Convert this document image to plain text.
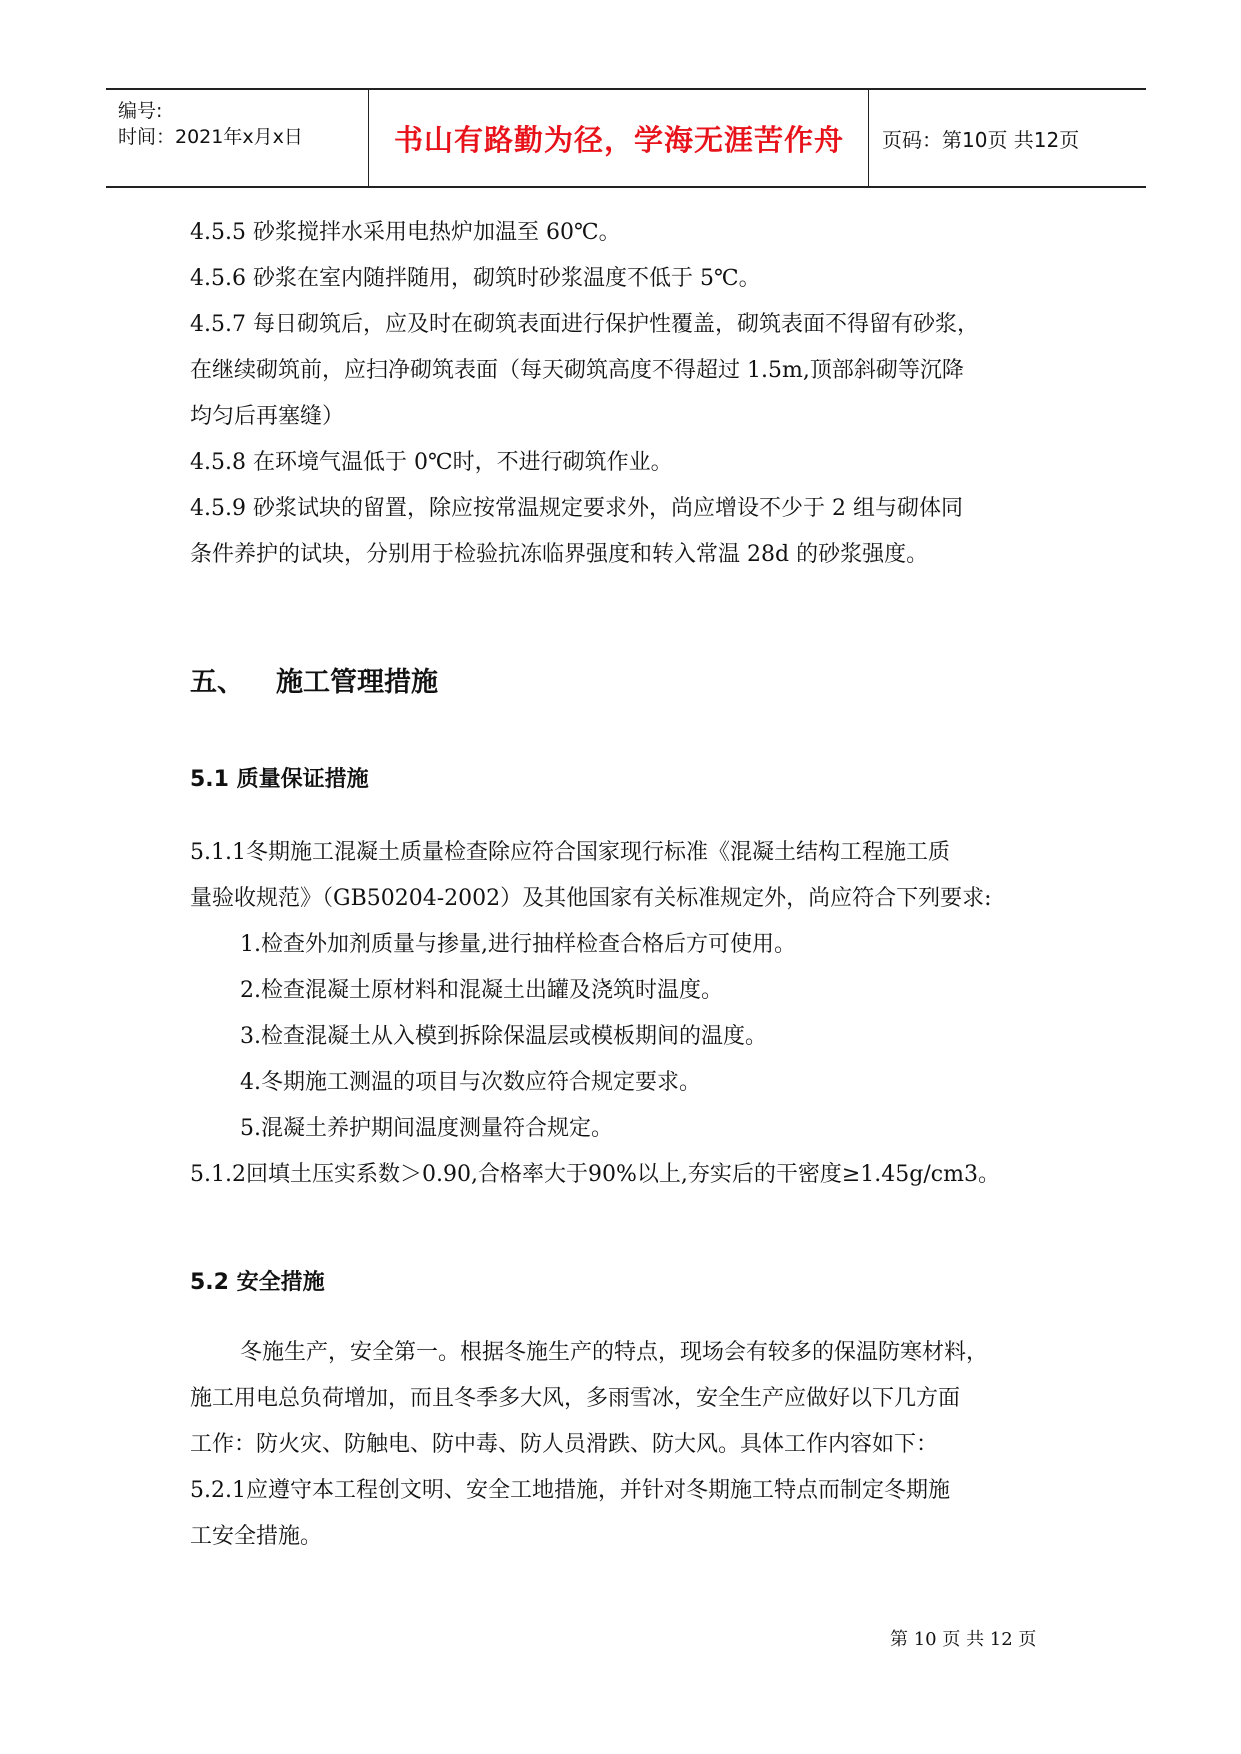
编号:
时间：2021年x月x日	书山有路勤为径，学海无涯苦作舟 页码：第10页 共12页

4.5.5 砂浆搅拌水采用电热炉加温至 60℃。

4.5.6 砂浆在室内随拌随用，砌筑时砂浆温度不低于 5℃。

4.5.7 每日砌筑后，应及时在砌筑表面进行保护性覆盖，砌筑表面不得留有砂浆，

在继续砌筑前，应扫净砌筑表面（每天砌筑高度不得超过 1.5m,顶部斜砌等沉降

均匀后再塞缝）

4.5.8 在环境气温低于 0℃时，不进行砌筑作业。

4.5.9 砂浆试块的留置，除应按常温规定要求外，尚应增设不少于 2 组与砌体同

条件养护的试块，分别用于检验抗冻临界强度和转入常温 28d 的砂浆强度。

五、 施工管理措施
5.1 质量保证措施

5.1.1冬期施工混凝土质量检查除应符合国家现行标准《混凝土结构工程施工质

量验收规范》（GB50204-2002）及其他国家有关标准规定外，尚应符合下列要求:

1.检查外加剂质量与掺量,进行抽样检查合格后方可使用。

2.检查混凝土原材料和混凝土出罐及浇筑时温度。

3.检查混凝土从入模到拆除保温层或模板期间的温度。

4.冬期施工测温的项目与次数应符合规定要求。

5.混凝土养护期间温度测量符合规定。

5.1.2回填土压实系数＞0.90,合格率大于90%以上,夯实后的干密度≥1.45g/cm3。

5.2 安全措施

冬施生产，安全第一。根据冬施生产的特点，现场会有较多的保温防寒材料，

施工用电总负荷增加，而且冬季多大风，多雨雪冰，安全生产应做好以下几方面

工作：防火灾、防触电、防中毒、防人员滑跌、防大风。具体工作内容如下：

5.2.1应遵守本工程创文明、安全工地措施，并针对冬期施工特点而制定冬期施

工安全措施。

第 10 页 共 12 页
